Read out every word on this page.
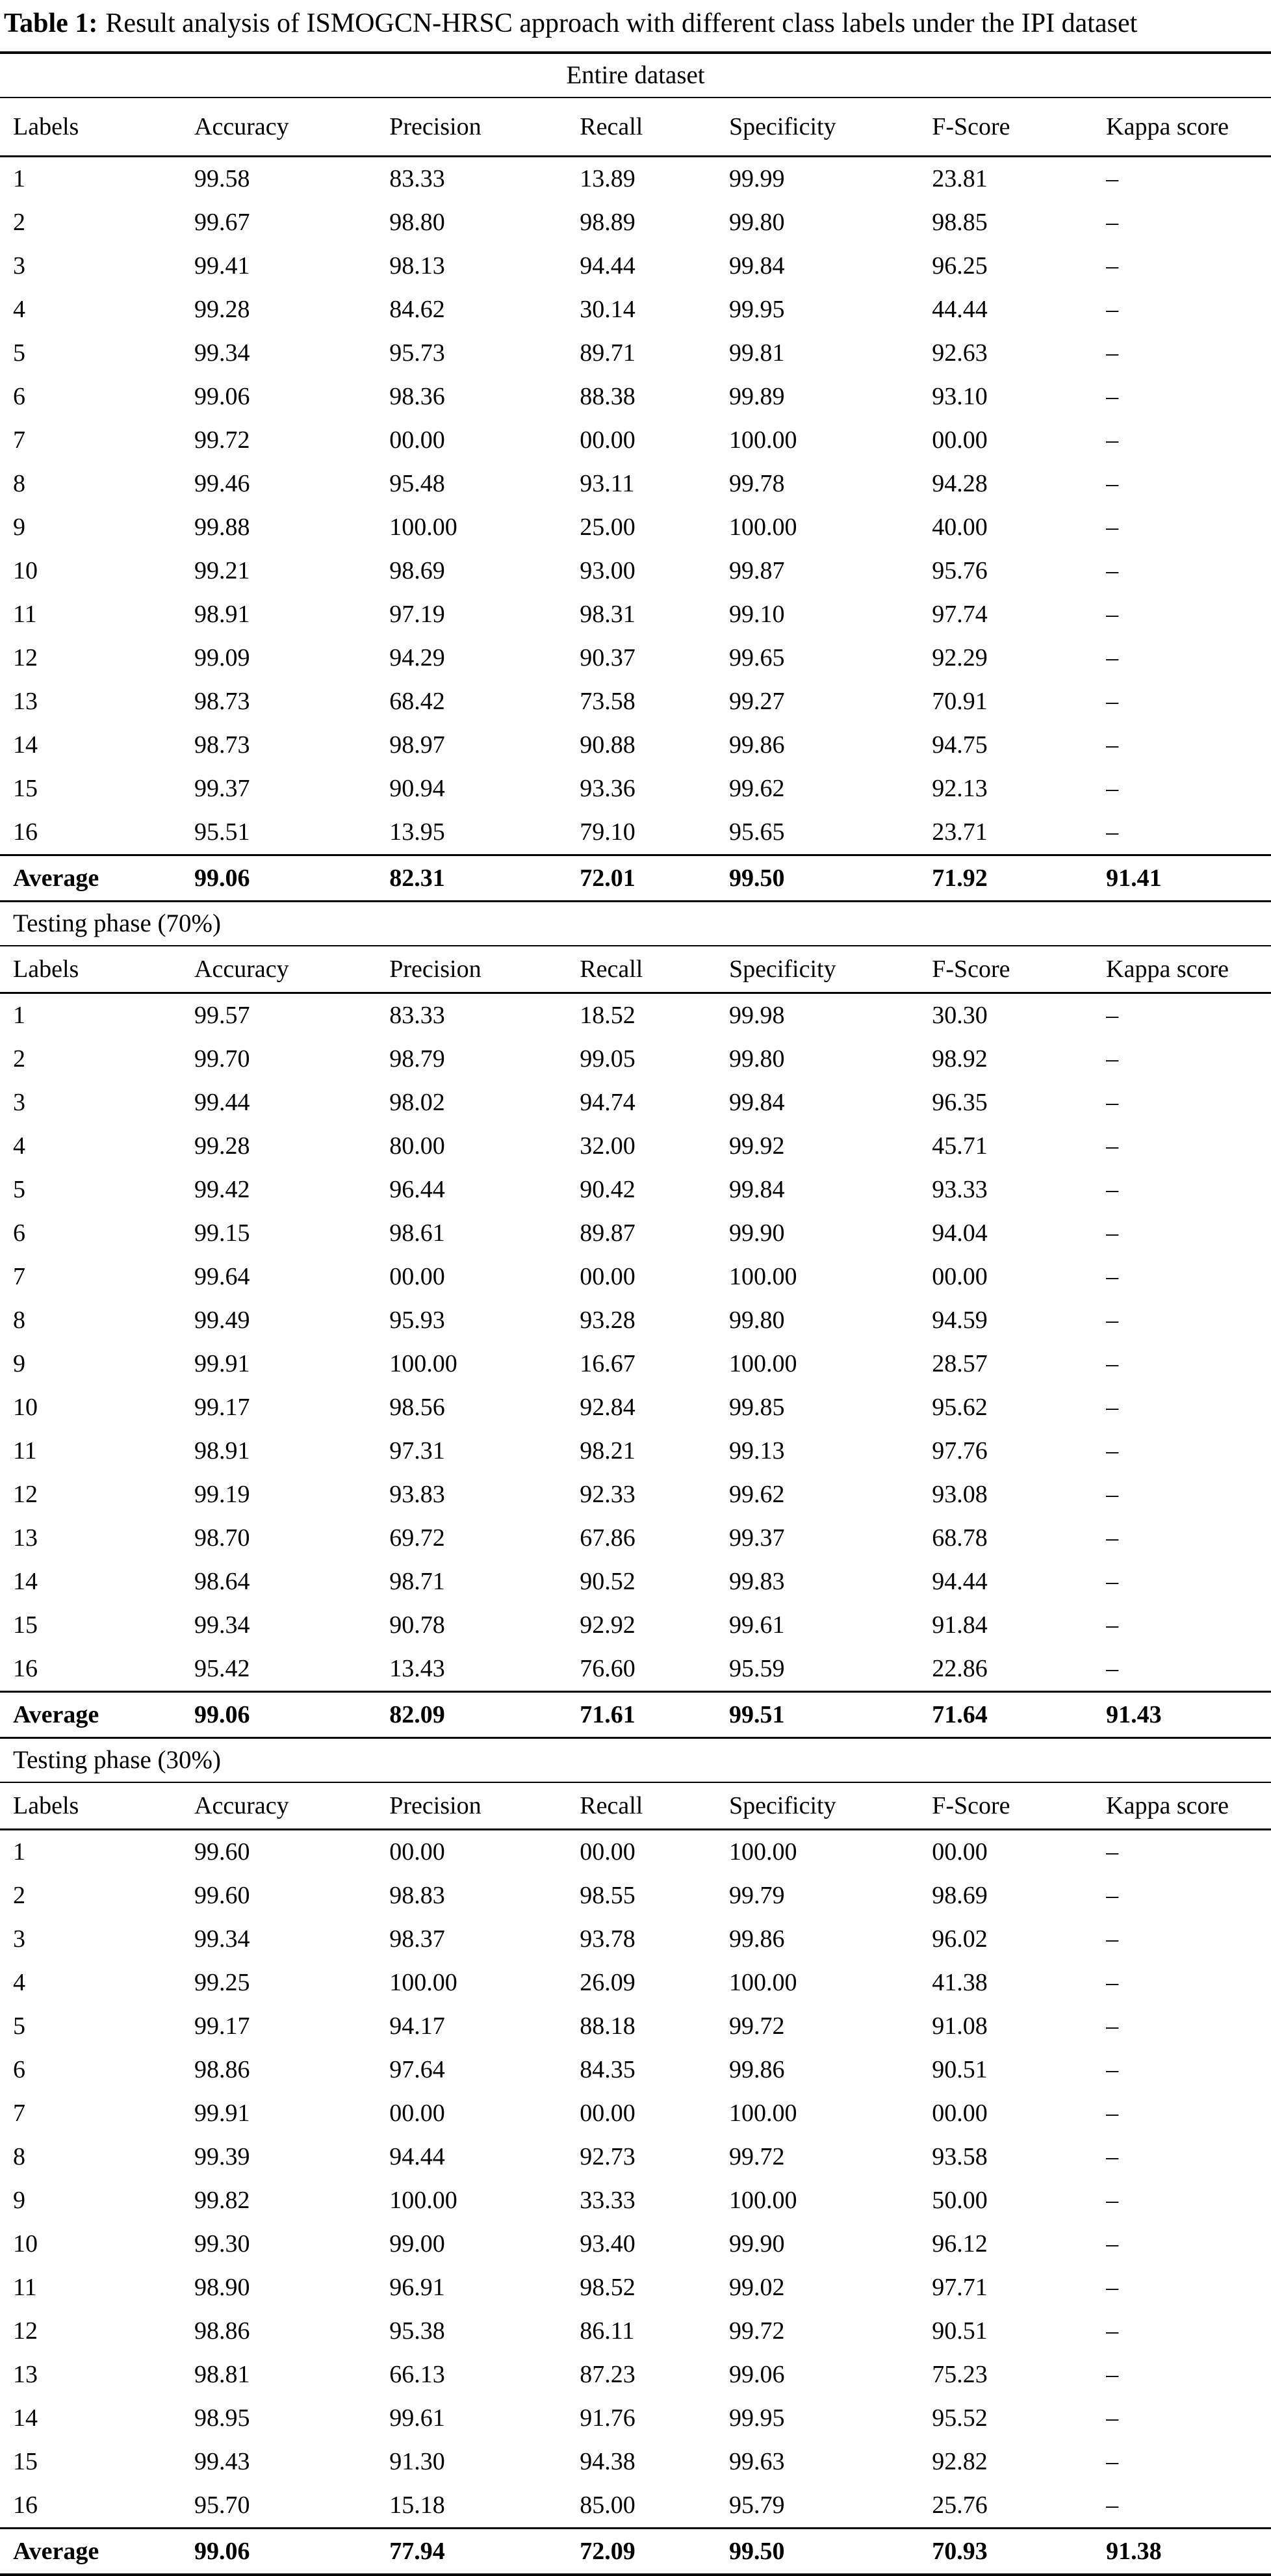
Table 1: Result analysis of ISMOGCN-HRSC approach with different class labels under the IPI dataset
Entire dataset
Labels	Accuracy	Precision	Recall	Specificity	F-Score	Kappa score
1	99.58	83.33	13.89	99.99	23.81	–
2	99.67	98.80	98.89	99.80	98.85	–
3	99.41	98.13	94.44	99.84	96.25	–
4	99.28	84.62	30.14	99.95	44.44	–
5	99.34	95.73	89.71	99.81	92.63	–
6	99.06	98.36	88.38	99.89	93.10	–
7	99.72	00.00	00.00	100.00	00.00	–
8	99.46	95.48	93.11	99.78	94.28	–
9	99.88	100.00	25.00	100.00	40.00	–
10	99.21	98.69	93.00	99.87	95.76	–
11	98.91	97.19	98.31	99.10	97.74	–
12	99.09	94.29	90.37	99.65	92.29	–
13	98.73	68.42	73.58	99.27	70.91	–
14	98.73	98.97	90.88	99.86	94.75	–
15	99.37	90.94	93.36	99.62	92.13	–
16	95.51	13.95	79.10	95.65	23.71	–
Average	99.06	82.31	72.01	99.50	71.92	91.41
Testing phase (70%)
Labels	Accuracy	Precision	Recall	Specificity	F-Score	Kappa score
1	99.57	83.33	18.52	99.98	30.30	–
2	99.70	98.79	99.05	99.80	98.92	–
3	99.44	98.02	94.74	99.84	96.35	–
4	99.28	80.00	32.00	99.92	45.71	–
5	99.42	96.44	90.42	99.84	93.33	–
6	99.15	98.61	89.87	99.90	94.04	–
7	99.64	00.00	00.00	100.00	00.00	–
8	99.49	95.93	93.28	99.80	94.59	–
9	99.91	100.00	16.67	100.00	28.57	–
10	99.17	98.56	92.84	99.85	95.62	–
11	98.91	97.31	98.21	99.13	97.76	–
12	99.19	93.83	92.33	99.62	93.08	–
13	98.70	69.72	67.86	99.37	68.78	–
14	98.64	98.71	90.52	99.83	94.44	–
15	99.34	90.78	92.92	99.61	91.84	–
16	95.42	13.43	76.60	95.59	22.86	–
Average	99.06	82.09	71.61	99.51	71.64	91.43
Testing phase (30%)
Labels	Accuracy	Precision	Recall	Specificity	F-Score	Kappa score
1	99.60	00.00	00.00	100.00	00.00	–
2	99.60	98.83	98.55	99.79	98.69	–
3	99.34	98.37	93.78	99.86	96.02	–
4	99.25	100.00	26.09	100.00	41.38	–
5	99.17	94.17	88.18	99.72	91.08	–
6	98.86	97.64	84.35	99.86	90.51	–
7	99.91	00.00	00.00	100.00	00.00	–
8	99.39	94.44	92.73	99.72	93.58	–
9	99.82	100.00	33.33	100.00	50.00	–
10	99.30	99.00	93.40	99.90	96.12	–
11	98.90	96.91	98.52	99.02	97.71	–
12	98.86	95.38	86.11	99.72	90.51	–
13	98.81	66.13	87.23	99.06	75.23	–
14	98.95	99.61	91.76	99.95	95.52	–
15	99.43	91.30	94.38	99.63	92.82	–
16	95.70	15.18	85.00	95.79	25.76	–
Average	99.06	77.94	72.09	99.50	70.93	91.38
